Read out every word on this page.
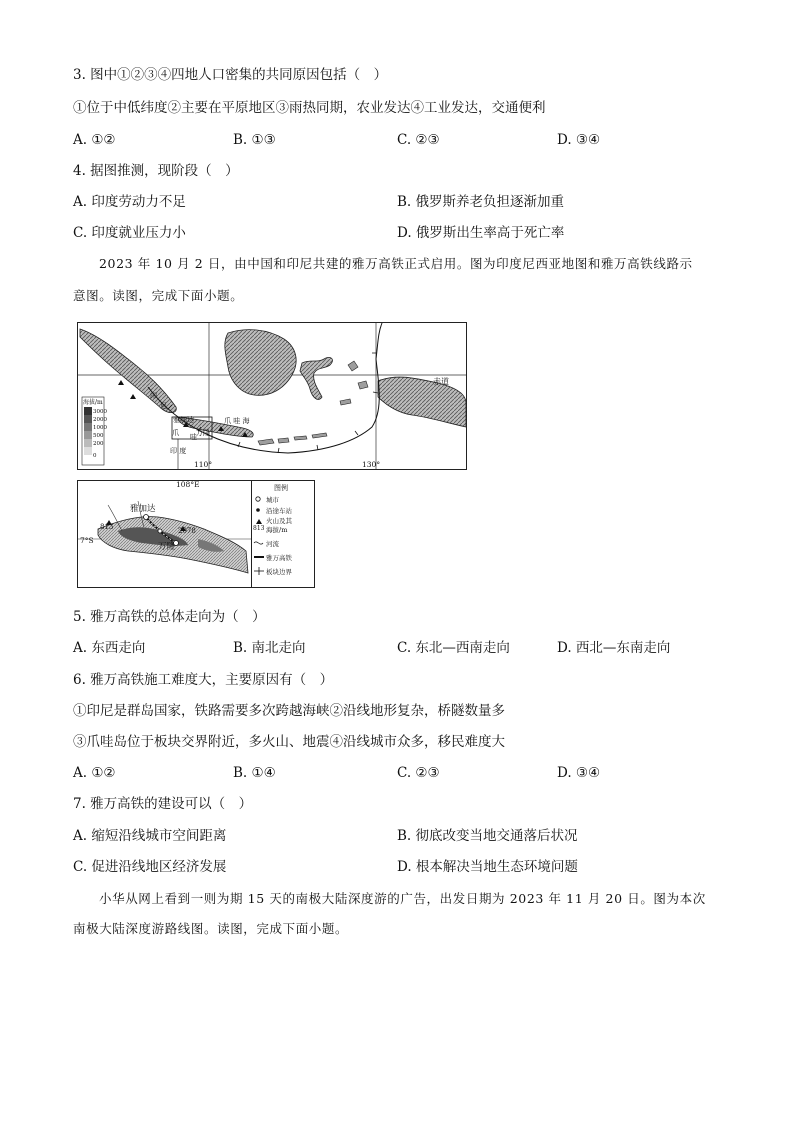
3. 图中①②③④四地人口密集的共同原因包括（　）
①位于中低纬度②主要在平原地区③雨热同期，农业发达④工业发达，交通便利
A. ①②	B. ①③	C. ②③	D. ③④
4. 据图推测，现阶段（　）
A. 印度劳动力不足	B. 俄罗斯养老负担逐渐加重
C. 印度就业压力小	D. 俄罗斯出生率高于死亡率
2023 年 10 月 2 日，由中国和印尼共建的雅万高铁正式启用。图为印度尼西亚地图和雅万高铁线路示
意图。读图，完成下面小题。
海拔/m
3000
2000
1000
500
200
0
赤道
110°	130°
爪 哇 海
印
尼
爪 哇
雅加达
万隆
印 度
108°E
7°S
雅加达
万隆
813	2078
图例
城市
沿途车站
813
火山及其
海拔/m
河流
雅万高铁
板块边界
5. 雅万高铁的总体走向为（　）
A. 东西走向	B. 南北走向	C. 东北—西南走向	D. 西北—东南走向
6. 雅万高铁施工难度大，主要原因有（　）
①印尼是群岛国家，铁路需要多次跨越海峡②沿线地形复杂，桥隧数量多
③爪哇岛位于板块交界附近，多火山、地震④沿线城市众多，移民难度大
A. ①②	B. ①④	C. ②③	D. ③④
7. 雅万高铁的建设可以（　）
A. 缩短沿线城市空间距离	B. 彻底改变当地交通落后状况
C. 促进沿线地区经济发展	D. 根本解决当地生态环境问题
小华从网上看到一则为期 15 天的南极大陆深度游的广告，出发日期为 2023 年 11 月 20 日。图为本次
南极大陆深度游路线图。读图，完成下面小题。
